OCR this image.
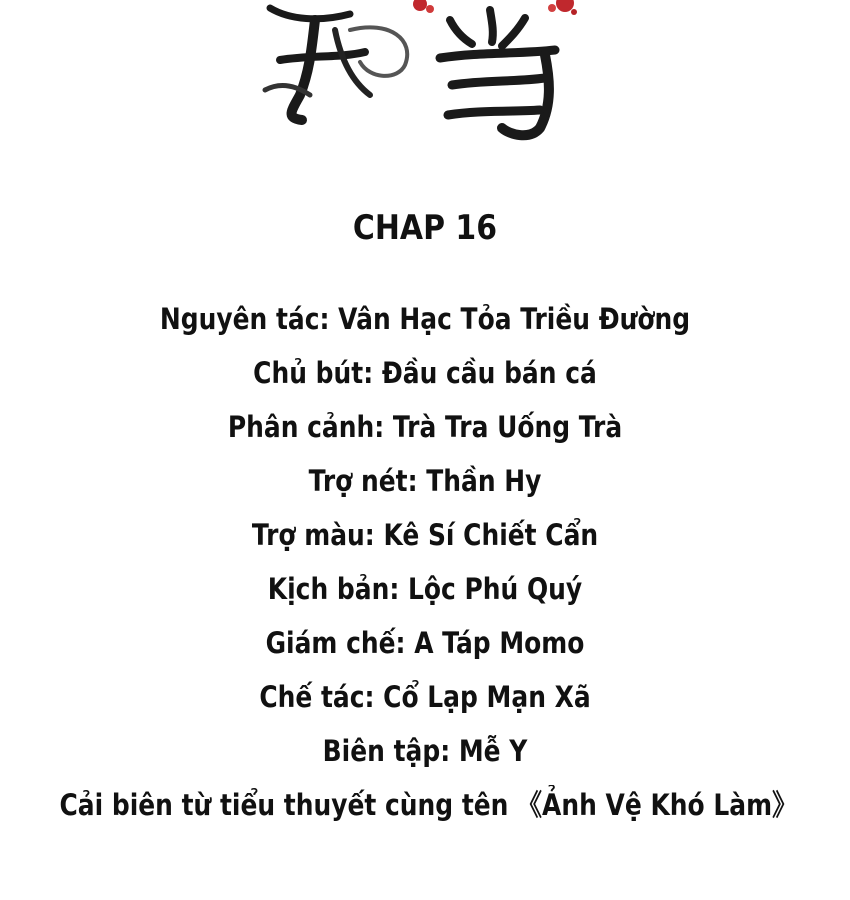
CHAP 16
Nguyên tác: Vân Hạc Tỏa Triều Đường
Chủ bút: Đầu cầu bán cá
Phân cảnh: Trà Tra Uống Trà
Trợ nét: Thần Hy
Trợ màu: Kê Sí Chiết Cẩn
Kịch bản: Lộc Phú Quý
Giám chế: A Táp Momo
Chế tác: Cổ Lạp Mạn Xã
Biên tập: Mễ Y
Cải biên từ tiểu thuyết cùng tên 《Ảnh Vệ Khó Làm》
